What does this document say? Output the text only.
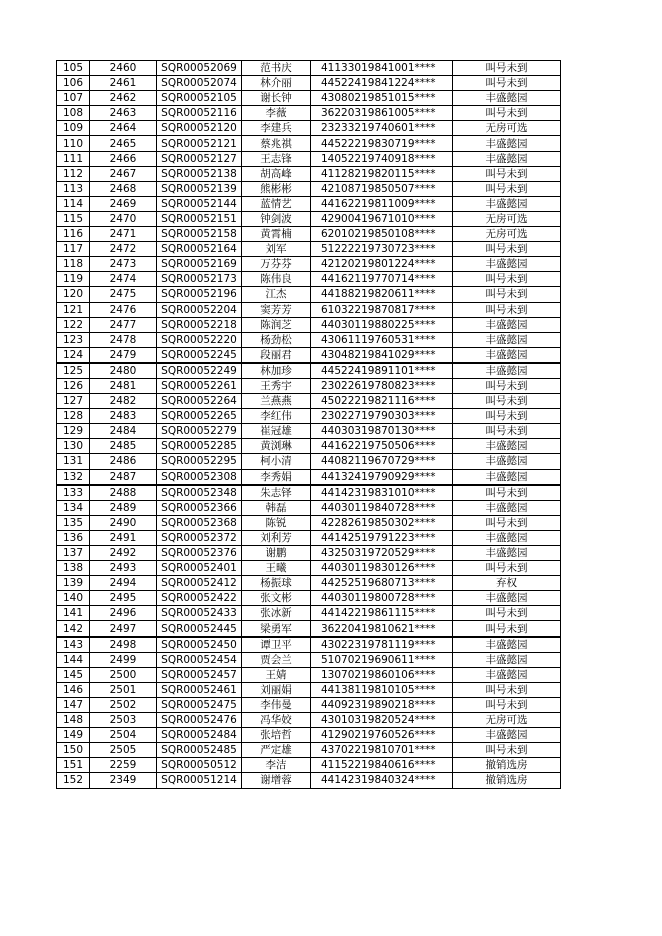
105	2460	SQR00052069	范书庆	41133019841001****	叫号未到
106	2461	SQR00052074	林介丽	44522419841224****	叫号未到
107	2462	SQR00052105	谢长钟	43080219851015****	丰盛懿园
108	2463	SQR00052116	李薇	36220319861005****	叫号未到
109	2464	SQR00052120	李建兵	23233219740601****	无房可选
110	2465	SQR00052121	蔡兆祺	44522219830719****	丰盛懿园
111	2466	SQR00052127	王志锋	14052219740918****	丰盛懿园
112	2467	SQR00052138	胡高峰	41128219820115****	叫号未到
113	2468	SQR00052139	熊彬彬	42108719850507****	叫号未到
114	2469	SQR00052144	蓝情艺	44162219811009****	丰盛懿园
115	2470	SQR00052151	钟剑波	42900419671010****	无房可选
116	2471	SQR00052158	黄霄楠	62010219850108****	无房可选
117	2472	SQR00052164	刘军	51222219730723****	叫号未到
118	2473	SQR00052169	万芬芬	42120219801224****	丰盛懿园
119	2474	SQR00052173	陈伟良	44162119770714****	叫号未到
120	2475	SQR00052196	江杰	44188219820611****	叫号未到
121	2476	SQR00052204	窦芳芳	61032219870817****	叫号未到
122	2477	SQR00052218	陈润芝	44030119880225****	丰盛懿园
123	2478	SQR00052220	杨劲松	43061119760531****	丰盛懿园
124	2479	SQR00052245	段丽君	43048219841029****	丰盛懿园
125	2480	SQR00052249	林加珍	44522419891101****	丰盛懿园
126	2481	SQR00052261	王秀宇	23022619780823****	叫号未到
127	2482	SQR00052264	兰燕燕	45022219821116****	叫号未到
128	2483	SQR00052265	李红伟	23022719790303****	叫号未到
129	2484	SQR00052279	崔冠雄	44030319870130****	叫号未到
130	2485	SQR00052285	黄浏琳	44162219750506****	丰盛懿园
131	2486	SQR00052295	柯小清	44082119670729****	丰盛懿园
132	2487	SQR00052308	李秀娟	44132419790929****	丰盛懿园
133	2488	SQR00052348	朱志铎	44142319831010****	叫号未到
134	2489	SQR00052366	韩磊	44030119840728****	丰盛懿园
135	2490	SQR00052368	陈锐	42282619850302****	叫号未到
136	2491	SQR00052372	刘利芳	44142519791223****	丰盛懿园
137	2492	SQR00052376	谢鹏	43250319720529****	丰盛懿园
138	2493	SQR00052401	王曦	44030119830126****	叫号未到
139	2494	SQR00052412	杨振球	44252519680713****	弃权
140	2495	SQR00052422	张文彬	44030119800728****	丰盛懿园
141	2496	SQR00052433	张冰新	44142219861115****	叫号未到
142	2497	SQR00052445	梁勇军	36220419810621****	叫号未到
143	2498	SQR00052450	谭卫平	43022319781119****	丰盛懿园
144	2499	SQR00052454	贾会兰	51070219690611****	丰盛懿园
145	2500	SQR00052457	王婧	13070219860106****	丰盛懿园
146	2501	SQR00052461	刘丽娟	44138119810105****	叫号未到
147	2502	SQR00052475	李伟曼	44092319890218****	叫号未到
148	2503	SQR00052476	冯华姣	43010319820524****	无房可选
149	2504	SQR00052484	张培哲	41290219760526****	丰盛懿园
150	2505	SQR00052485	严定雄	43702219810701****	叫号未到
151	2259	SQR00050512	李洁	41152219840616****	撤销选房
152	2349	SQR00051214	谢增蓉	44142319840324****	撤销选房
